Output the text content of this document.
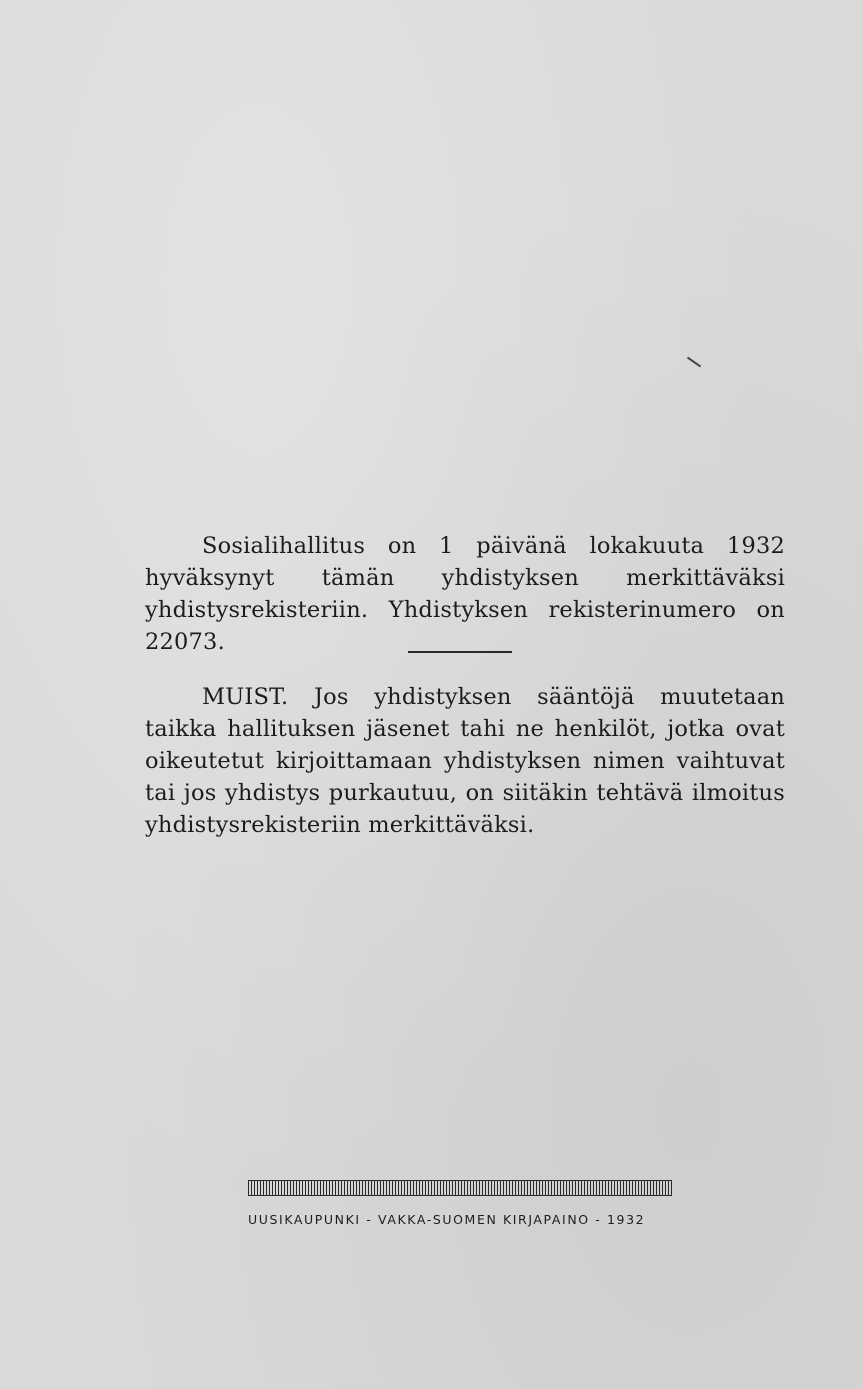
Sosialihallitus on 1 päivänä lokakuuta 1932 hyväksynyt tämän yhdistyksen merkittäväksi yhdistysrekisteriin. Yhdistyksen rekisterinumero on 22073.

MUIST. Jos yhdistyksen sääntöjä muutetaan taikka hallituksen jäsenet tahi ne henkilöt, jotka ovat oikeutetut kirjoittamaan yhdistyksen nimen vaihtuvat tai jos yhdistys purkautuu, on siitäkin tehtävä ilmoitus yhdistysrekisteriin merkittäväksi.

UUSIKAUPUNKI - VAKKA-SUOMEN KIRJAPAINO - 1932
